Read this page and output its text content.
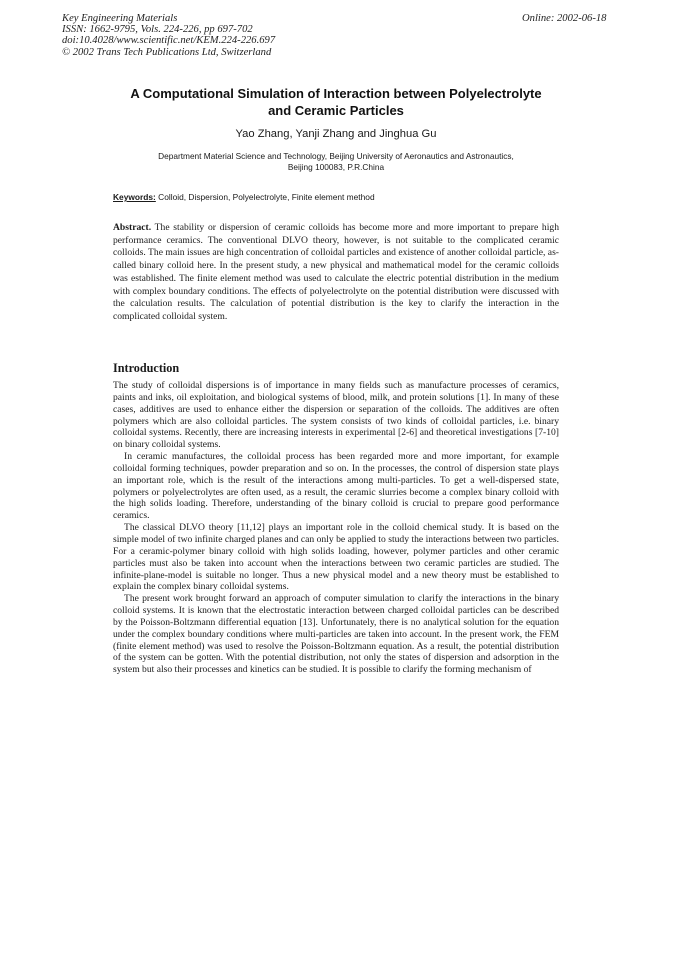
Key Engineering Materials
ISSN: 1662-9795, Vols. 224-226, pp 697-702
doi:10.4028/www.scientific.net/KEM.224-226.697
© 2002 Trans Tech Publications Ltd, Switzerland
Online: 2002-06-18
A Computational Simulation of Interaction between Polyelectrolyte
and Ceramic Particles
Yao Zhang, Yanji Zhang and Jinghua Gu
Department Material Science and Technology, Beijing University of Aeronautics and Astronautics,
Beijing 100083, P.R.China
Keywords: Colloid, Dispersion, Polyelectrolyte, Finite element method
Abstract. The stability or dispersion of ceramic colloids has become more and more important to prepare high performance ceramics. The conventional DLVO theory, however, is not suitable to the complicated ceramic colloids. The main issues are high concentration of colloidal particles and existence of another colloidal particle, as-called binary colloid here. In the present study, a new physical and mathematical model for the ceramic colloids was established. The finite element method was used to calculate the electric potential distribution in the medium with complex boundary conditions. The effects of polyelectrolyte on the potential distribution were discussed with the calculation results. The calculation of potential distribution is the key to clarify the interaction in the complicated colloidal system.
Introduction

The study of colloidal dispersions is of importance in many fields such as manufacture processes of ceramics, paints and inks, oil exploitation, and biological systems of blood, milk, and protein solutions [1]. In many of these cases, additives are used to enhance either the dispersion or separation of the colloids. The additives are often polymers which are also colloidal particles. The system consists of two kinds of colloidal particles, i.e. binary colloidal systems. Recently, there are increasing interests in experimental [2-6] and theoretical investigations [7-10] on binary colloidal systems.

In ceramic manufactures, the colloidal process has been regarded more and more important, for example colloidal forming techniques, powder preparation and so on. In the processes, the control of dispersion state plays an important role, which is the result of the interactions among multi-particles. To get a well-dispersed state, polymers or polyelectrolytes are often used, as a result, the ceramic slurries become a complex binary colloid with the high solids loading. Therefore, understanding of the binary colloid is crucial to prepare good performance ceramics.

The classical DLVO theory [11,12] plays an important role in the colloid chemical study. It is based on the simple model of two infinite charged planes and can only be applied to study the interactions between two particles. For a ceramic-polymer binary colloid with high solids loading, however, polymer particles and other ceramic particles must also be taken into account when the interactions between two ceramic particles are studied. The infinite-plane-model is suitable no longer. Thus a new physical model and a new theory must be established to explain the complex binary colloidal systems.

The present work brought forward an approach of computer simulation to clarify the interactions in the binary colloid systems. It is known that the electrostatic interaction between charged colloidal particles can be described by the Poisson-Boltzmann differential equation [13]. Unfortunately, there is no analytical solution for the equation under the complex boundary conditions where multi-particles are taken into account. In the present work, the FEM (finite element method) was used to resolve the Poisson-Boltzmann equation. As a result, the potential distribution of the system can be gotten. With the potential distribution, not only the states of dispersion and adsorption in the system but also their processes and kinetics can be studied. It is possible to clarify the forming mechanism of
